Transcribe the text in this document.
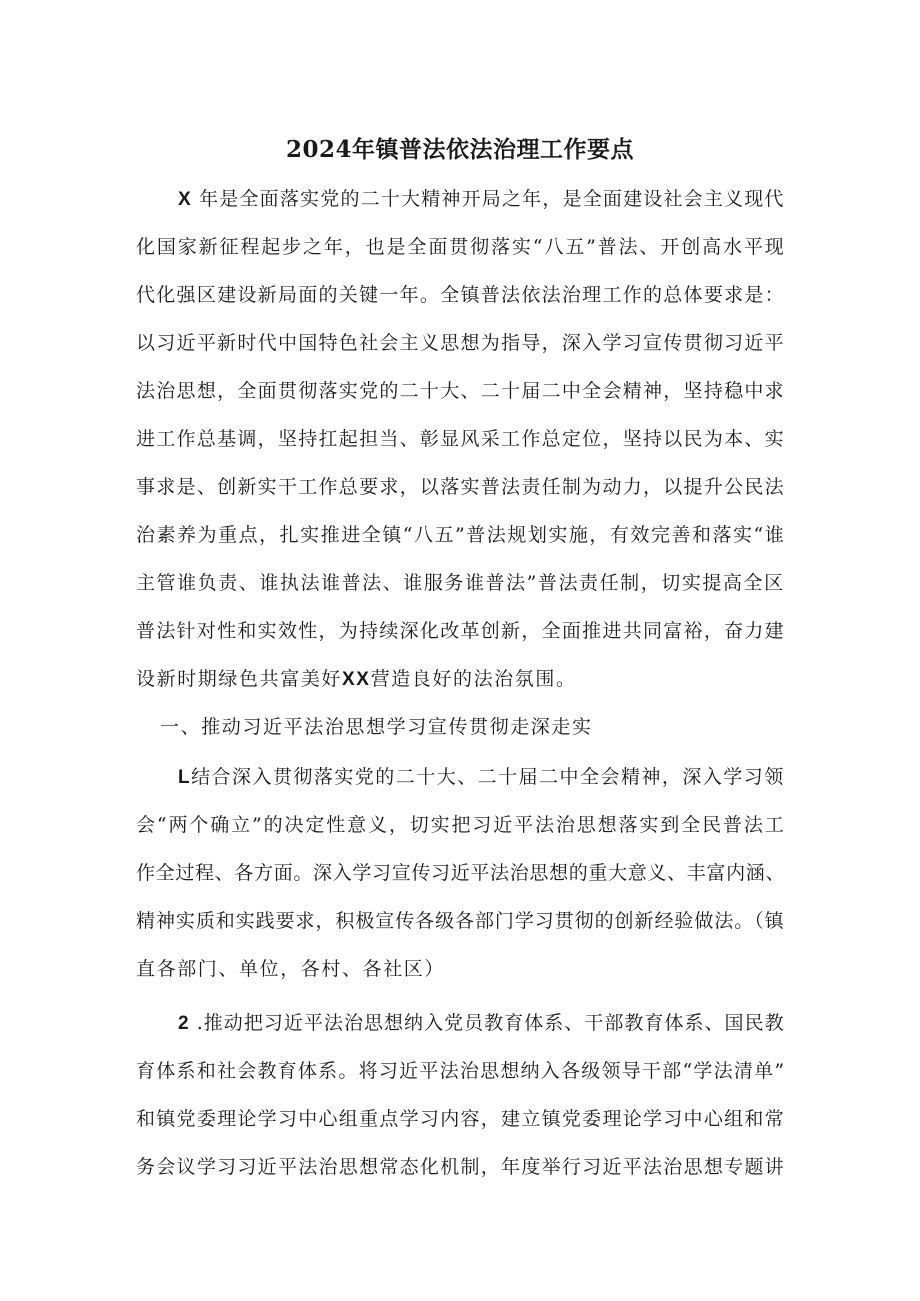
2024年镇普法依法治理工作要点
X 年是全面落实党的二十大精神开局之年，是全面建设社会主义现代
化国家新征程起步之年，也是全面贯彻落实“八五”普法、开创高水平现
代化强区建设新局面的关键一年。全镇普法依法治理工作的总体要求是：
以习近平新时代中国特色社会主义思想为指导，深入学习宣传贯彻习近平
法治思想，全面贯彻落实党的二十大、二十届二中全会精神，坚持稳中求
进工作总基调，坚持扛起担当、彰显风采工作总定位，坚持以民为本、实
事求是、创新实干工作总要求，以落实普法责任制为动力，以提升公民法
治素养为重点，扎实推进全镇“八五”普法规划实施，有效完善和落实“谁
主管谁负责、谁执法谁普法、谁服务谁普法”普法责任制，切实提高全区
普法针对性和实效性，为持续深化改革创新，全面推进共同富裕，奋力建
设新时期绿色共富美好XX营造良好的法治氛围。
一、推动习近平法治思想学习宣传贯彻走深走实
L结合深入贯彻落实党的二十大、二十届二中全会精神，深入学习领
会“两个确立”的决定性意义，切实把习近平法治思想落实到全民普法工
作全过程、各方面。深入学习宣传习近平法治思想的重大意义、丰富内涵、
精神实质和实践要求，积极宣传各级各部门学习贯彻的创新经验做法。（镇
直各部门、单位，各村、各社区）
2 .推动把习近平法治思想纳入党员教育体系、干部教育体系、国民教
育体系和社会教育体系。将习近平法治思想纳入各级领导干部“学法清单”
和镇党委理论学习中心组重点学习内容，建立镇党委理论学习中心组和常
务会议学习习近平法治思想常态化机制，年度举行习近平法治思想专题讲
